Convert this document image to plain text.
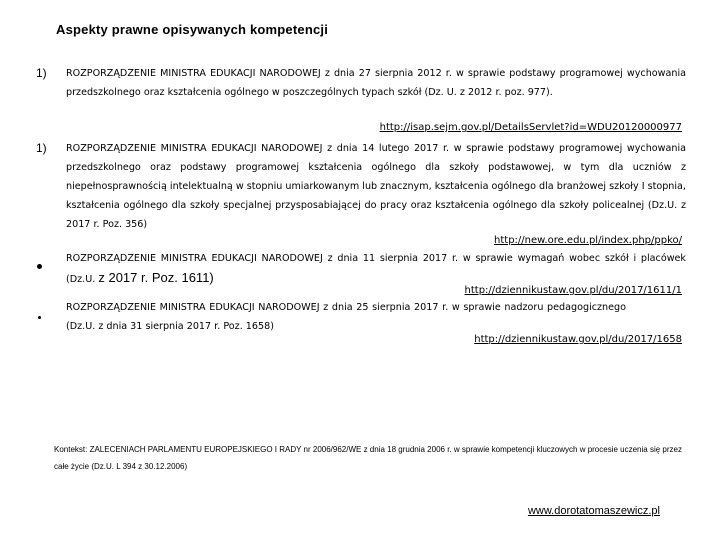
Aspekty prawne opisywanych kompetencji
1) ROZPORZĄDZENIE MINISTRA EDUKACJI NARODOWEJ z dnia 27 sierpnia 2012 r. w sprawie podstawy programowej wychowania przedszkolnego oraz kształcenia ogólnego w poszczególnych typach szkół (Dz. U. z 2012 r. poz. 977).
http://isap.sejm.gov.pl/DetailsServlet?id=WDU20120000977
1) ROZPORZĄDZENIE MINISTRA EDUKACJI NARODOWEJ z dnia 14 lutego 2017 r. w sprawie podstawy programowej wychowania przedszkolnego oraz podstawy programowej kształcenia ogólnego dla szkoły podstawowej, w tym dla uczniów z niepełnosprawnością intelektualną w stopniu umiarkowanym lub znacznym, kształcenia ogólnego dla branżowej szkoły I stopnia, kształcenia ogólnego dla szkoły specjalnej przysposabiającej do pracy oraz kształcenia ogólnego dla szkoły policealnej (Dz.U. z 2017 r. Poz. 356)
http://new.ore.edu.pl/index.php/ppko/
ROZPORZĄDZENIE MINISTRA EDUKACJI NARODOWEJ z dnia 11 sierpnia 2017 r. w sprawie wymagań wobec szkół i placówek (Dz.U. z 2017 r. Poz. 1611)
http://dziennikustaw.gov.pl/du/2017/1611/1
ROZPORZĄDZENIE MINISTRA EDUKACJI NARODOWEJ z dnia 25 sierpnia 2017 r. w sprawie nadzoru pedagogicznego (Dz.U. z dnia 31 sierpnia 2017 r. Poz. 1658)
http://dziennikustaw.gov.pl/du/2017/1658
Kontekst: ZALECENIACH PARLAMENTU EUROPEJSKIEGO I RADY nr 2006/962/WE z dnia 18 grudnia 2006 r. w sprawie kompetencji kluczowych w procesie uczenia się przez całe życie (Dz.U. L 394 z 30.12.2006)
www.dorotatomaszewicz.pl
